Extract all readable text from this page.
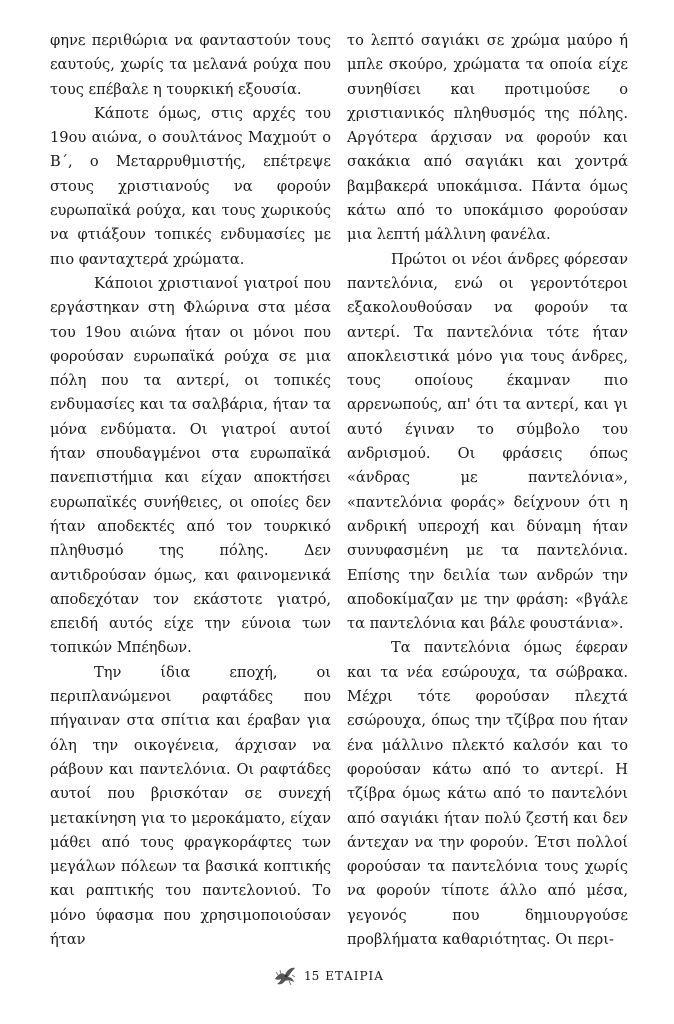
φηνε περιθώρια να φανταστούν τους εαυτούς, χωρίς τα μελανά ρούχα που τους επέβαλε η τουρκική εξουσία.

Κάποτε όμως, στις αρχές του 19ου αιώνα, ο σουλτάνος Μαχμούτ ο Β΄, ο Μεταρρυθμιστής, επέτρεψε στους χριστιανούς να φορούν ευρωπαϊκά ρούχα, και τους χωρικούς να φτιάξουν τοπικές ενδυμασίες με πιο φανταχτερά χρώματα.

Κάποιοι χριστιανοί γιατροί που εργάστηκαν στη Φλώρινα στα μέσα του 19ου αιώνα ήταν οι μόνοι που φορούσαν ευρωπαϊκά ρούχα σε μια πόλη που τα αντερί, οι τοπικές ενδυμασίες και τα σαλβάρια, ήταν τα μόνα ενδύματα. Οι γιατροί αυτοί ήταν σπουδαγμένοι στα ευρωπαϊκά πανεπιστήμια και είχαν αποκτήσει ευρωπαϊκές συνήθειες, οι οποίες δεν ήταν αποδεκτές από τον τουρκικό πληθυσμό της πόλης. Δεν αντιδρούσαν όμως, και φαινομενικά αποδεχόταν τον εκάστοτε γιατρό, επειδή αυτός είχε την εύνοια των τοπικών Μπέηδων.

Την ίδια εποχή, οι περιπλανώμενοι ραφτάδες που πήγαιναν στα σπίτια και έραβαν για όλη την οικογένεια, άρχισαν να ράβουν και παντελόνια. Οι ραφτάδες αυτοί που βρισκόταν σε συνεχή μετακίνηση για το μεροκάματο, είχαν μάθει από τους φραγκοράφτες των μεγάλων πόλεων τα βασικά κοπτικής και ραπτικής του παντελονιού. Το μόνο ύφασμα που χρησιμοποιούσαν ήταν

το λεπτό σαγιάκι σε χρώμα μαύρο ή μπλε σκούρο, χρώματα τα οποία είχε συνηθίσει και προτιμούσε ο χριστιανικός πληθυσμός της πόλης. Αργότερα άρχισαν να φορούν και σακάκια από σαγιάκι και χοντρά βαμβακερά υποκάμισα. Πάντα όμως κάτω από το υποκάμισο φορούσαν μια λεπτή μάλλινη φανέλα.

Πρώτοι οι νέοι άνδρες φόρεσαν παντελόνια, ενώ οι γεροντότεροι εξακολουθούσαν να φορούν τα αντερί. Τα παντελόνια τότε ήταν αποκλειστικά μόνο για τους άνδρες, τους οποίους έκαμναν πιο αρρενωπούς, απ' ότι τα αντερί, και γι αυτό έγιναν το σύμβολο του ανδρισμού. Οι φράσεις όπως «άνδρας με παντελόνια», «παντελόνια φοράς» δείχνουν ότι η ανδρική υπεροχή και δύναμη ήταν συνυφασμένη με τα παντελόνια. Επίσης την δειλία των ανδρών την αποδοκίμαζαν με την φράση: «βγάλε τα παντελόνια και βάλε φουστάνια».

Τα παντελόνια όμως έφεραν και τα νέα εσώρουχα, τα σώβρακα. Μέχρι τότε φορούσαν πλεχτά εσώρουχα, όπως την τζίβρα που ήταν ένα μάλλινο πλεκτό καλσόν και το φορούσαν κάτω από το αντερί. Η τζίβρα όμως κάτω από το παντελόνι από σαγιάκι ήταν πολύ ζεστή και δεν άντεχαν να την φορούν. Έτσι πολλοί φορούσαν τα παντελόνια τους χωρίς να φορούν τίποτε άλλο από μέσα, γεγονός που δημιουργούσε προβλήματα καθαριότητας. Οι περι-

15 ΕΤΑΙΡΙΑ
